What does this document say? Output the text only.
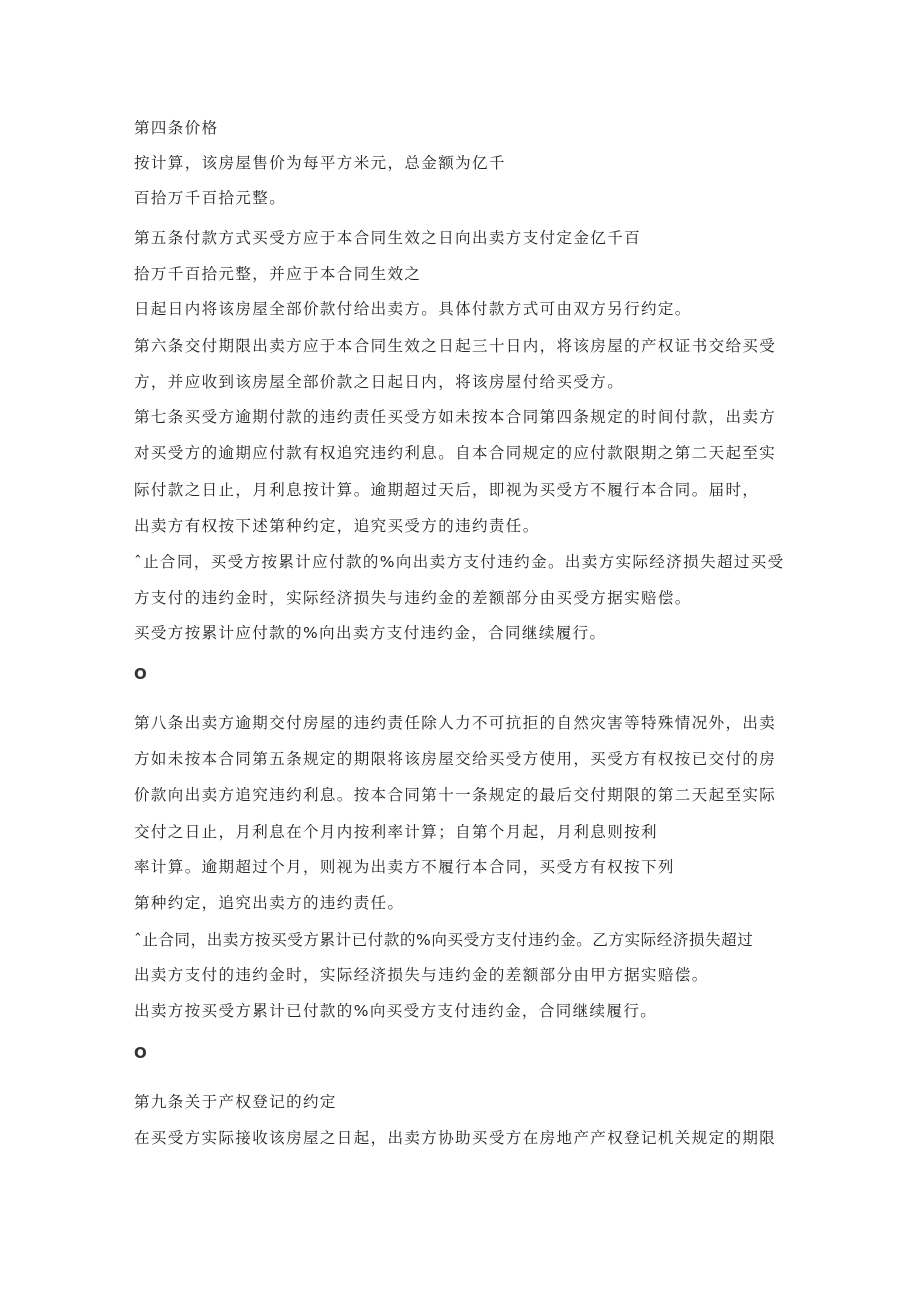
第四条价格
按计算，该房屋售价为每平方米元，总金额为亿千
百拾万千百拾元整。
第五条付款方式买受方应于本合同生效之日向出卖方支付定金亿千百
拾万千百拾元整，并应于本合同生效之
日起日内将该房屋全部价款付给出卖方。具体付款方式可由双方另行约定。
第六条交付期限出卖方应于本合同生效之日起三十日内，将该房屋的产权证书交给买受
方，并应收到该房屋全部价款之日起日内，将该房屋付给买受方。
第七条买受方逾期付款的违约责任买受方如未按本合同第四条规定的时间付款，出卖方
对买受方的逾期应付款有权追究违约利息。自本合同规定的应付款限期之第二天起至实
际付款之日止，月利息按计算。逾期超过天后，即视为买受方不履行本合同。届时，
出卖方有权按下述第种约定，追究买受方的违约责任。
ˆ止合同，买受方按累计应付款的%向出卖方支付违约金。出卖方实际经济损失超过买受
方支付的违约金时，实际经济损失与违约金的差额部分由买受方据实赔偿。
买受方按累计应付款的%向出卖方支付违约金，合同继续履行。
O
第八条出卖方逾期交付房屋的违约责任除人力不可抗拒的自然灾害等特殊情况外，出卖
方如未按本合同第五条规定的期限将该房屋交给买受方使用，买受方有权按已交付的房
价款向出卖方追究违约利息。按本合同第十一条规定的最后交付期限的第二天起至实际
交付之日止，月利息在个月内按利率计算；自第个月起，月利息则按利
率计算。逾期超过个月，则视为出卖方不履行本合同，买受方有权按下列
第种约定，追究出卖方的违约责任。
ˆ止合同，出卖方按买受方累计已付款的%向买受方支付违约金。乙方实际经济损失超过
出卖方支付的违约金时，实际经济损失与违约金的差额部分由甲方据实赔偿。
出卖方按买受方累计已付款的%向买受方支付违约金，合同继续履行。
O
第九条关于产权登记的约定
在买受方实际接收该房屋之日起，出卖方协助买受方在房地产产权登记机关规定的期限
